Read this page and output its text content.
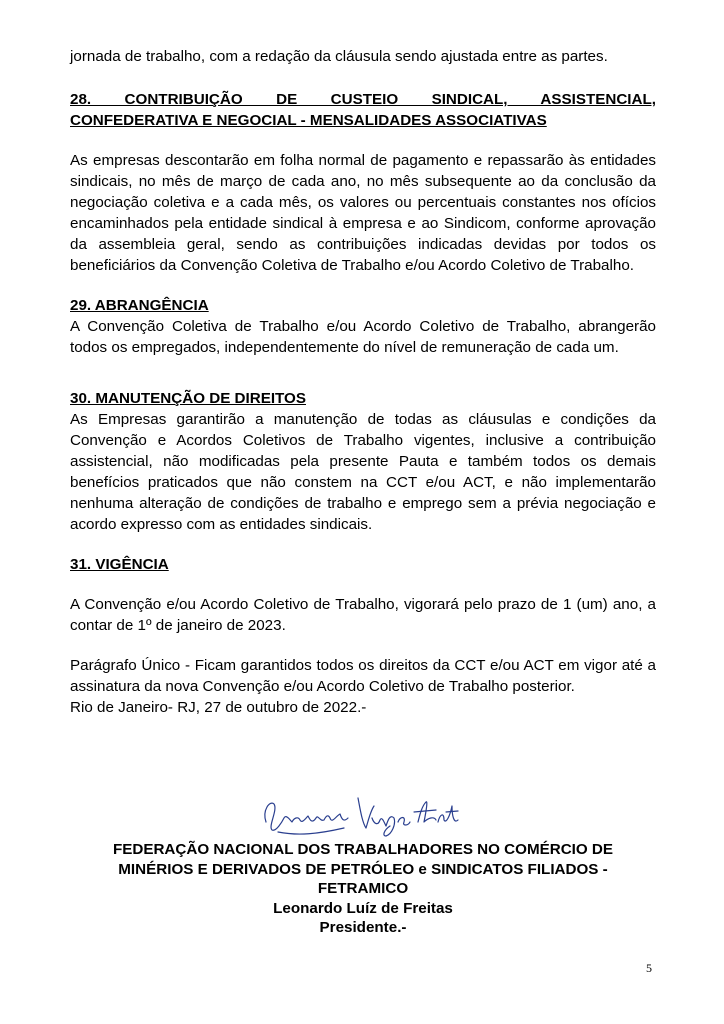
jornada de trabalho, com a redação da cláusula sendo ajustada entre as partes.

28. CONTRIBUIÇÃO DE CUSTEIO SINDICAL, ASSISTENCIAL,
CONFEDERATIVA E NEGOCIAL - MENSALIDADES ASSOCIATIVAS

As empresas descontarão em folha normal de pagamento e repassarão às entidades sindicais, no mês de março de cada ano, no mês subsequente ao da conclusão da negociação coletiva e a cada mês, os valores ou percentuais constantes nos ofícios encaminhados pela entidade sindical à empresa e ao Sindicom, conforme aprovação da assembleia geral, sendo as contribuições indicadas devidas por todos os beneficiários da Convenção Coletiva de Trabalho e/ou Acordo Coletivo de Trabalho.

29. ABRANGÊNCIA

A Convenção Coletiva de Trabalho e/ou Acordo Coletivo de Trabalho, abrangerão todos os empregados, independentemente do nível de remuneração de cada um.

30. MANUTENÇÃO DE DIREITOS

As Empresas garantirão a manutenção de todas as cláusulas e condições da Convenção e Acordos Coletivos de Trabalho vigentes, inclusive a contribuição assistencial, não modificadas pela presente Pauta e também todos os demais benefícios praticados que não constem na CCT e/ou ACT, e não implementarão nenhuma alteração de condições de trabalho e emprego sem a prévia negociação e acordo expresso com as entidades sindicais.

31. VIGÊNCIA

A Convenção e/ou Acordo Coletivo de Trabalho, vigorará pelo prazo de 1 (um) ano, a contar de 1º de janeiro de 2023.

Parágrafo Único - Ficam garantidos todos os direitos da CCT e/ou ACT em vigor até a assinatura da nova Convenção e/ou Acordo Coletivo de Trabalho posterior.

Rio de Janeiro- RJ, 27 de outubro de 2022.-

FEDERAÇÃO NACIONAL DOS TRABALHADORES NO COMÉRCIO DE
MINÉRIOS E DERIVADOS DE PETRÓLEO e SINDICATOS FILIADOS -
FETRAMICO
Leonardo Luíz de Freitas
Presidente.-
5
